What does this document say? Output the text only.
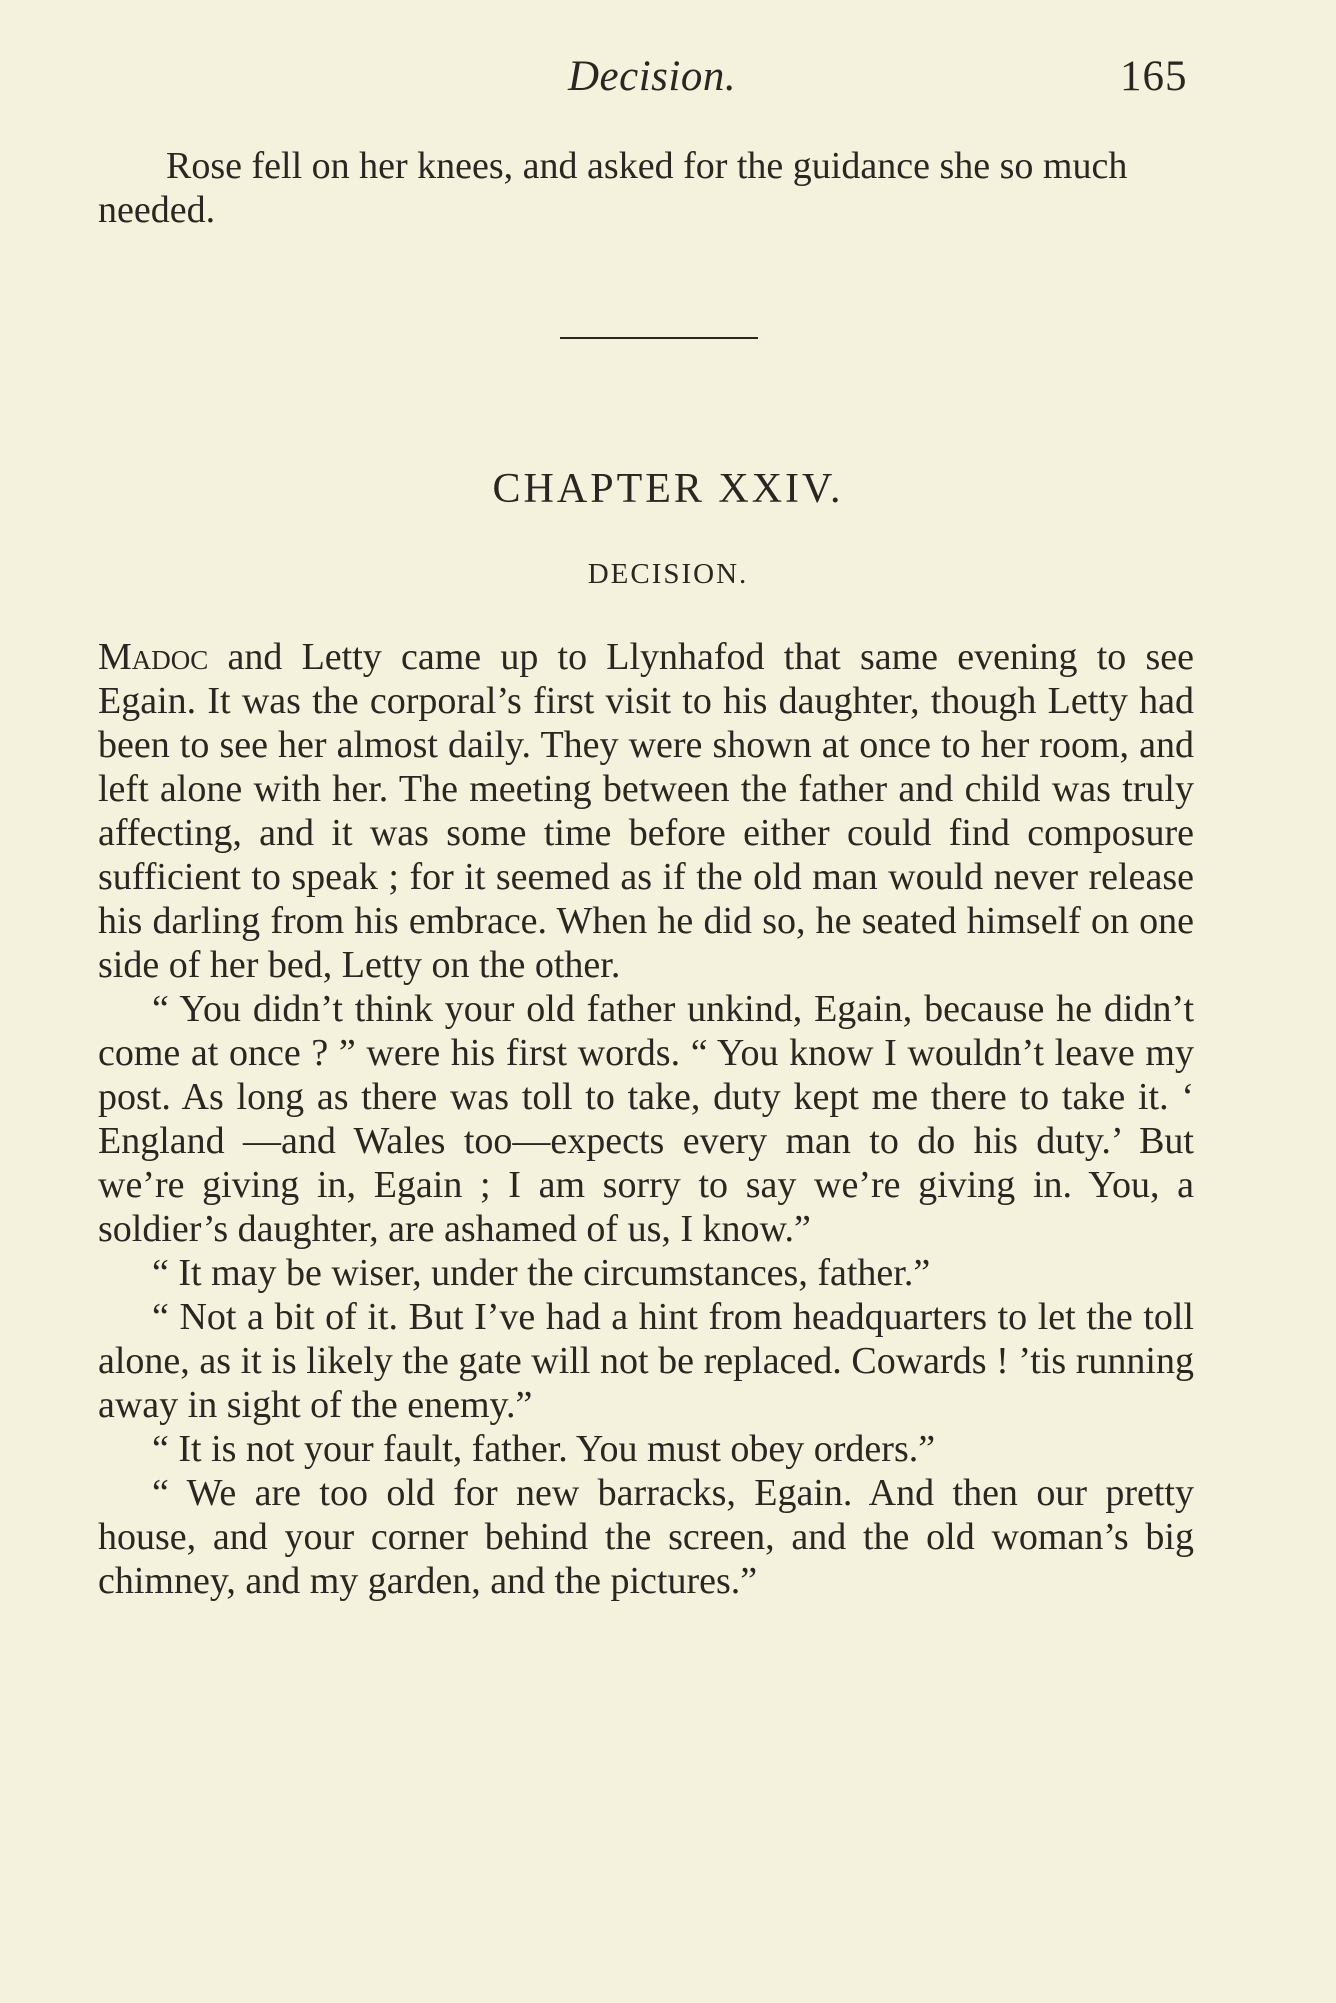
Decision.	165

Rose fell on her knees, and asked for the guidance she so much needed.

CHAPTER XXIV.
DECISION.

Madoc and Letty came up to Llynhafod that same evening to see Egain. It was the corporal’s first visit to his daughter, though Letty had been to see her almost daily. They were shown at once to her room, and left alone with her. The meeting between the father and child was truly affecting, and it was some time before either could find composure sufficient to speak ; for it seemed as if the old man would never release his darling from his embrace. When he did so, he seated himself on one side of her bed, Letty on the other.

“ You didn’t think your old father unkind, Egain, because he didn’t come at once ? ” were his first words. “ You know I wouldn’t leave my post. As long as there was toll to take, duty kept me there to take it. ‘ England —and Wales too—expects every man to do his duty.’ But we’re giving in, Egain ; I am sorry to say we’re giving in. You, a soldier’s daughter, are ashamed of us, I know.”

“ It may be wiser, under the circumstances, father.”

“ Not a bit of it. But I’ve had a hint from headquarters to let the toll alone, as it is likely the gate will not be replaced. Cowards ! ’tis running away in sight of the enemy.”

“ It is not your fault, father. You must obey orders.”

“ We are too old for new barracks, Egain. And then our pretty house, and your corner behind the screen, and the old woman’s big chimney, and my garden, and the pictures.”
